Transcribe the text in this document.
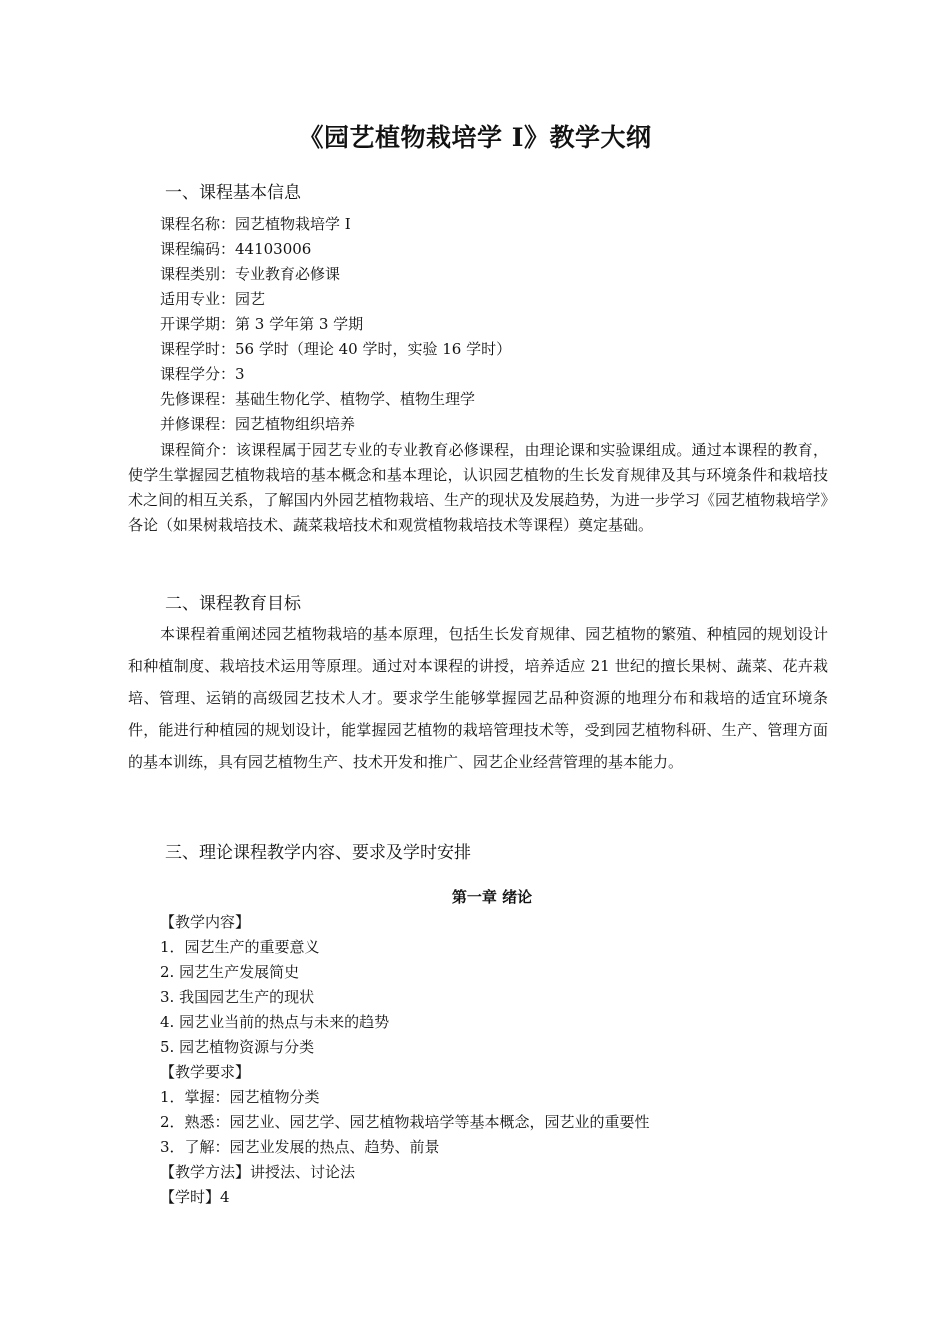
《园艺植物栽培学 I》教学大纲
一、课程基本信息
课程名称：园艺植物栽培学 I
课程编码：44103006
课程类别：专业教育必修课
适用专业：园艺
开课学期：第 3 学年第 3 学期
课程学时：56 学时（理论 40 学时，实验 16 学时）
课程学分：3
先修课程：基础生物化学、植物学、植物生理学
并修课程：园艺植物组织培养
课程简介：该课程属于园艺专业的专业教育必修课程，由理论课和实验课组成。通过本课程的教育，使学生掌握园艺植物栽培的基本概念和基本理论，认识园艺植物的生长发育规律及其与环境条件和栽培技术之间的相互关系，了解国内外园艺植物栽培、生产的现状及发展趋势，为进一步学习《园艺植物栽培学》各论（如果树栽培技术、蔬菜栽培技术和观赏植物栽培技术等课程）奠定基础。
二、课程教育目标
本课程着重阐述园艺植物栽培的基本原理，包括生长发育规律、园艺植物的繁殖、种植园的规划设计和种植制度、栽培技术运用等原理。通过对本课程的讲授，培养适应 21 世纪的擅长果树、蔬菜、花卉栽培、管理、运销的高级园艺技术人才。要求学生能够掌握园艺品种资源的地理分布和栽培的适宜环境条件，能进行种植园的规划设计，能掌握园艺植物的栽培管理技术等，受到园艺植物科研、生产、管理方面的基本训练，具有园艺植物生产、技术开发和推广、园艺企业经营管理的基本能力。
三、理论课程教学内容、要求及学时安排
第一章 绪论
【教学内容】
1．园艺生产的重要意义
2. 园艺生产发展简史
3. 我国园艺生产的现状
4. 园艺业当前的热点与未来的趋势
5. 园艺植物资源与分类
【教学要求】
1．掌握：园艺植物分类
2．熟悉：园艺业、园艺学、园艺植物栽培学等基本概念，园艺业的重要性
3．了解：园艺业发展的热点、趋势、前景
【教学方法】讲授法、讨论法
【学时】4
